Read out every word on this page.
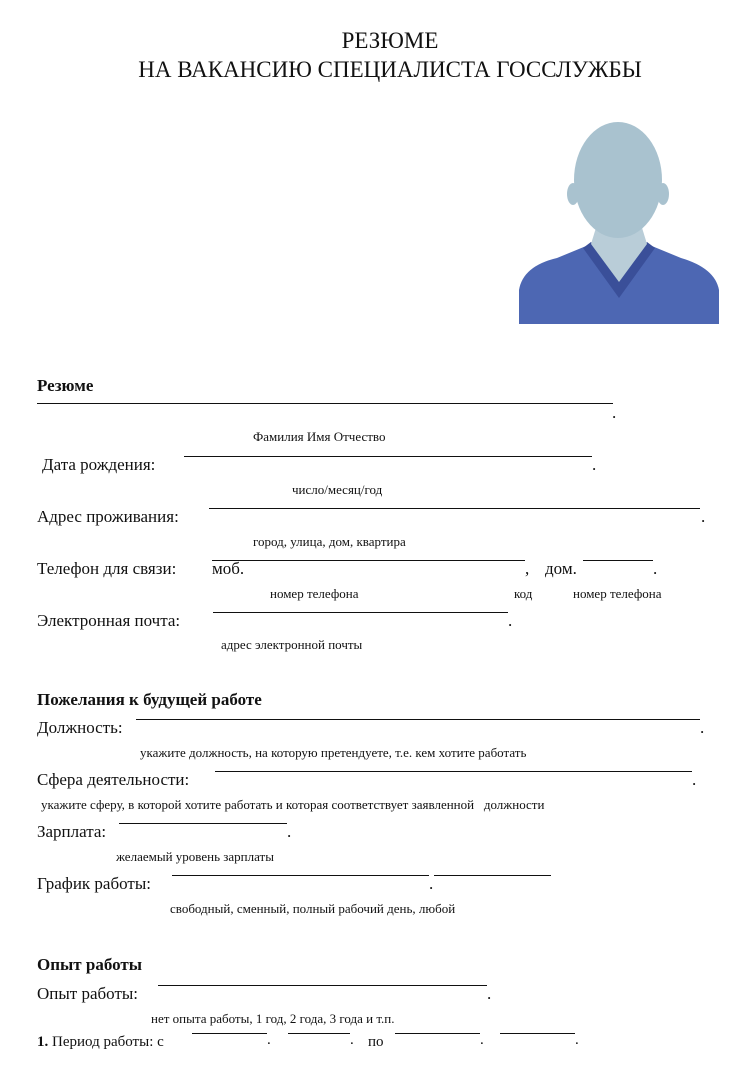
РЕЗЮМЕ
НА ВАКАНСИЮ СПЕЦИАЛИСТА ГОССЛУЖБЫ
Резюме
.
Фамилия Имя Отчество
Дата рождения:	.
число/месяц/год
Адрес проживания:	.
город, улица, дом, квартира
Телефон для связи: моб.	, дом.	.
номер телефона	код	номер телефона
Электронная почта:	.
адрес электронной почты
Пожелания к будущей работе
Должность:	.
укажите должность, на которую претендуете, т.е. кем хотите работать
Сфера деятельности:	.
укажите сферу, в которой хотите работать и которая соответствует заявленной   должности
Зарплата:	.
желаемый уровень зарплаты
График работы:	.
свободный, сменный, полный рабочий день, любой
Опыт работы
Опыт работы:	.
нет опыта работы, 1 год, 2 года, 3 года и т.п.
1. Период работы: с	.	. по	.	.
